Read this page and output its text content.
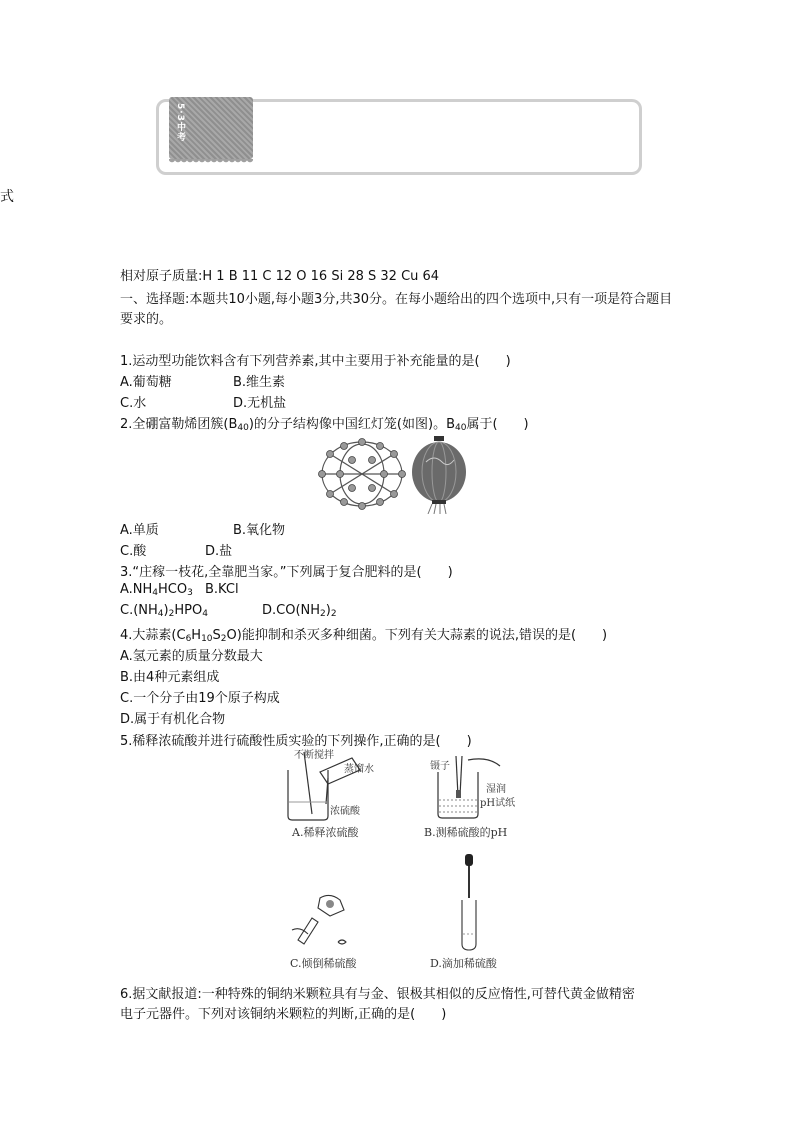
式
5·3中考
相对原子质量:H 1 B 11 C 12 O 16 Si 28 S 32 Cu 64
一、选择题:本题共10小题,每小题3分,共30分。在每小题给出的四个选项中,只有一项是符合题目
要求的。
1.运动型功能饮料含有下列营养素,其中主要用于补充能量的是(　　)
A.葡萄糖	B.维生素
C.水	D.无机盐
2.全硼富勒烯团簇$(B_{40})$的分子结构像中国红灯笼(如图)。$B_{40}$属于(　　)
A.单质	B.氧化物
C.酸	D.盐
3.“庄稼一枝花,全靠肥当家。”下列属于复合肥料的是(　　)
$A.NH_4HCO_3$ B.KCl
$C.(NH_4)_2HPO_4$	$D.CO(NH_2)_2$
4.大蒜素$(C_6H_{10}S_2O)$能抑制和杀灭多种细菌。下列有关大蒜素的说法,错误的是(　　)
A.氢元素的质量分数最大
B.由4种元素组成
C.一个分子由19个原子构成
D.属于有机化合物
5.稀释浓硫酸并进行硫酸性质实验的下列操作,正确的是(　　)
不断搅拌
蒸馏水
浓硫酸
A.稀释浓硫酸
镊子
湿润
pH试纸
B.测稀硫酸的pH
C.倾倒稀硫酸	D.滴加稀硫酸
6.据文献报道:一种特殊的铜纳米颗粒具有与金、银极其相似的反应惰性,可替代黄金做精密
电子元器件。下列对该铜纳米颗粒的判断,正确的是(　　)
